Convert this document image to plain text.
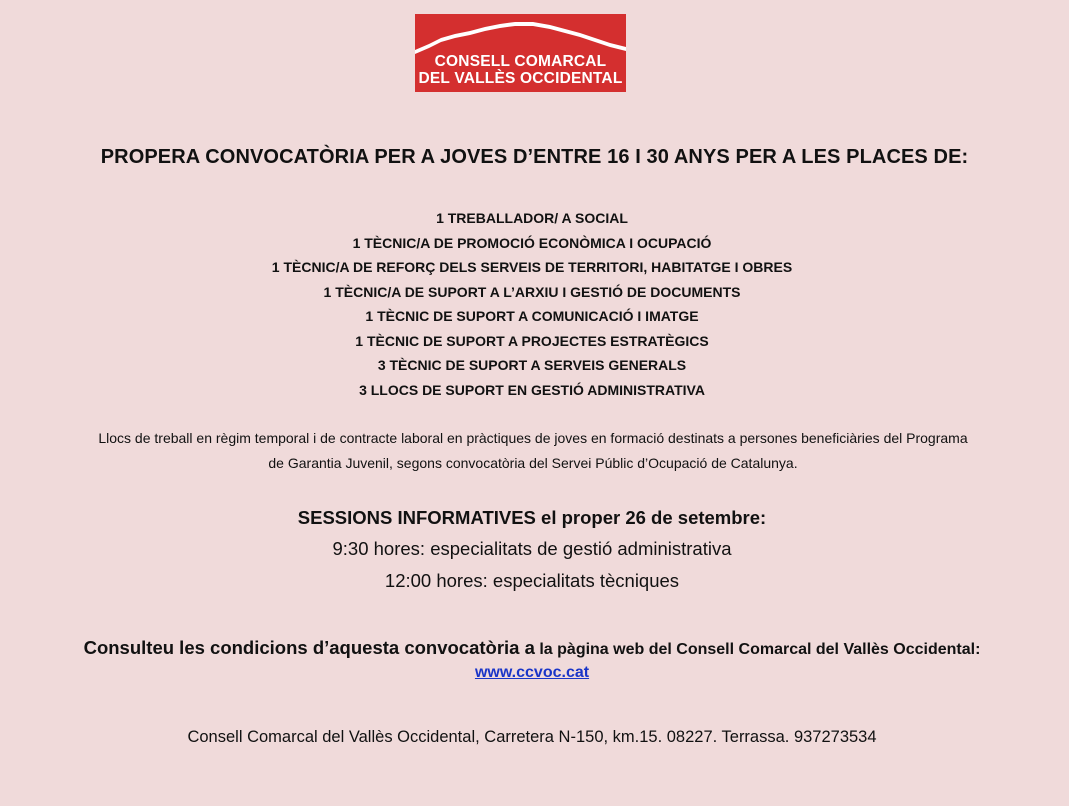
CONSELL COMARCAL
DEL VALLÈS OCCIDENTAL
PROPERA CONVOCATÒRIA PER A JOVES D’ENTRE 16 I 30 ANYS PER A LES PLACES DE:
1 TREBALLADOR/ A SOCIAL
1 TÈCNIC/A DE PROMOCIÓ ECONÒMICA I OCUPACIÓ
1 TÈCNIC/A DE REFORÇ DELS SERVEIS DE TERRITORI, HABITATGE I OBRES
1 TÈCNIC/A DE SUPORT A L’ARXIU I GESTIÓ DE DOCUMENTS
1 TÈCNIC DE SUPORT A COMUNICACIÓ I IMATGE
1 TÈCNIC DE SUPORT A PROJECTES ESTRATÈGICS
3 TÈCNIC DE SUPORT A SERVEIS GENERALS
3 LLOCS DE SUPORT EN GESTIÓ ADMINISTRATIVA
Llocs de treball en règim temporal i de contracte laboral en pràctiques de joves en formació destinats a persones beneficiàries del Programa
de Garantia Juvenil, segons convocatòria del Servei Públic d’Ocupació de Catalunya.
SESSIONS INFORMATIVES el proper 26 de setembre:
9:30 hores: especialitats de gestió administrativa
12:00 hores: especialitats tècniques
Consulteu les condicions d’aquesta convocatòria a la pàgina web del Consell Comarcal del Vallès Occidental:
www.ccvoc.cat
Consell Comarcal del Vallès Occidental, Carretera N-150, km.15. 08227. Terrassa. 937273534
